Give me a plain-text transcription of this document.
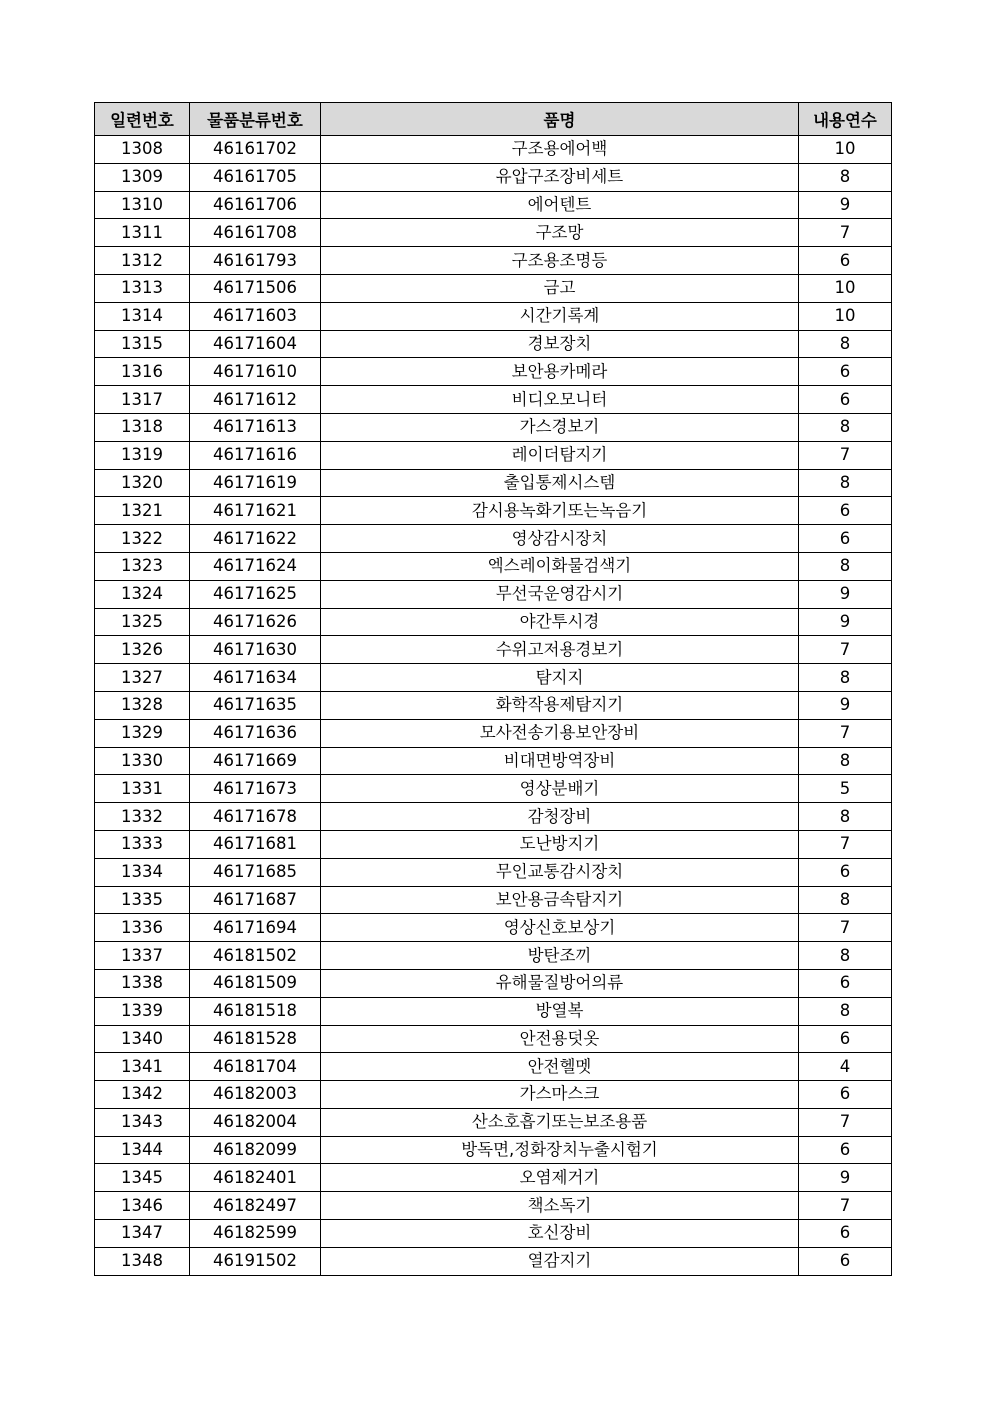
일련번호	물품분류번호	품명	내용연수
1308	46161702	구조용에어백	10
1309	46161705	유압구조장비세트	8
1310	46161706	에어텐트	9
1311	46161708	구조망	7
1312	46161793	구조용조명등	6
1313	46171506	금고	10
1314	46171603	시간기록계	10
1315	46171604	경보장치	8
1316	46171610	보안용카메라	6
1317	46171612	비디오모니터	6
1318	46171613	가스경보기	8
1319	46171616	레이더탐지기	7
1320	46171619	출입통제시스템	8
1321	46171621	감시용녹화기또는녹음기	6
1322	46171622	영상감시장치	6
1323	46171624	엑스레이화물검색기	8
1324	46171625	무선국운영감시기	9
1325	46171626	야간투시경	9
1326	46171630	수위고저용경보기	7
1327	46171634	탐지지	8
1328	46171635	화학작용제탐지기	9
1329	46171636	모사전송기용보안장비	7
1330	46171669	비대면방역장비	8
1331	46171673	영상분배기	5
1332	46171678	감청장비	8
1333	46171681	도난방지기	7
1334	46171685	무인교통감시장치	6
1335	46171687	보안용금속탐지기	8
1336	46171694	영상신호보상기	7
1337	46181502	방탄조끼	8
1338	46181509	유해물질방어의류	6
1339	46181518	방열복	8
1340	46181528	안전용덧옷	6
1341	46181704	안전헬멧	4
1342	46182003	가스마스크	6
1343	46182004	산소호흡기또는보조용품	7
1344	46182099	방독면,정화장치누출시험기	6
1345	46182401	오염제거기	9
1346	46182497	책소독기	7
1347	46182599	호신장비	6
1348	46191502	열감지기	6
